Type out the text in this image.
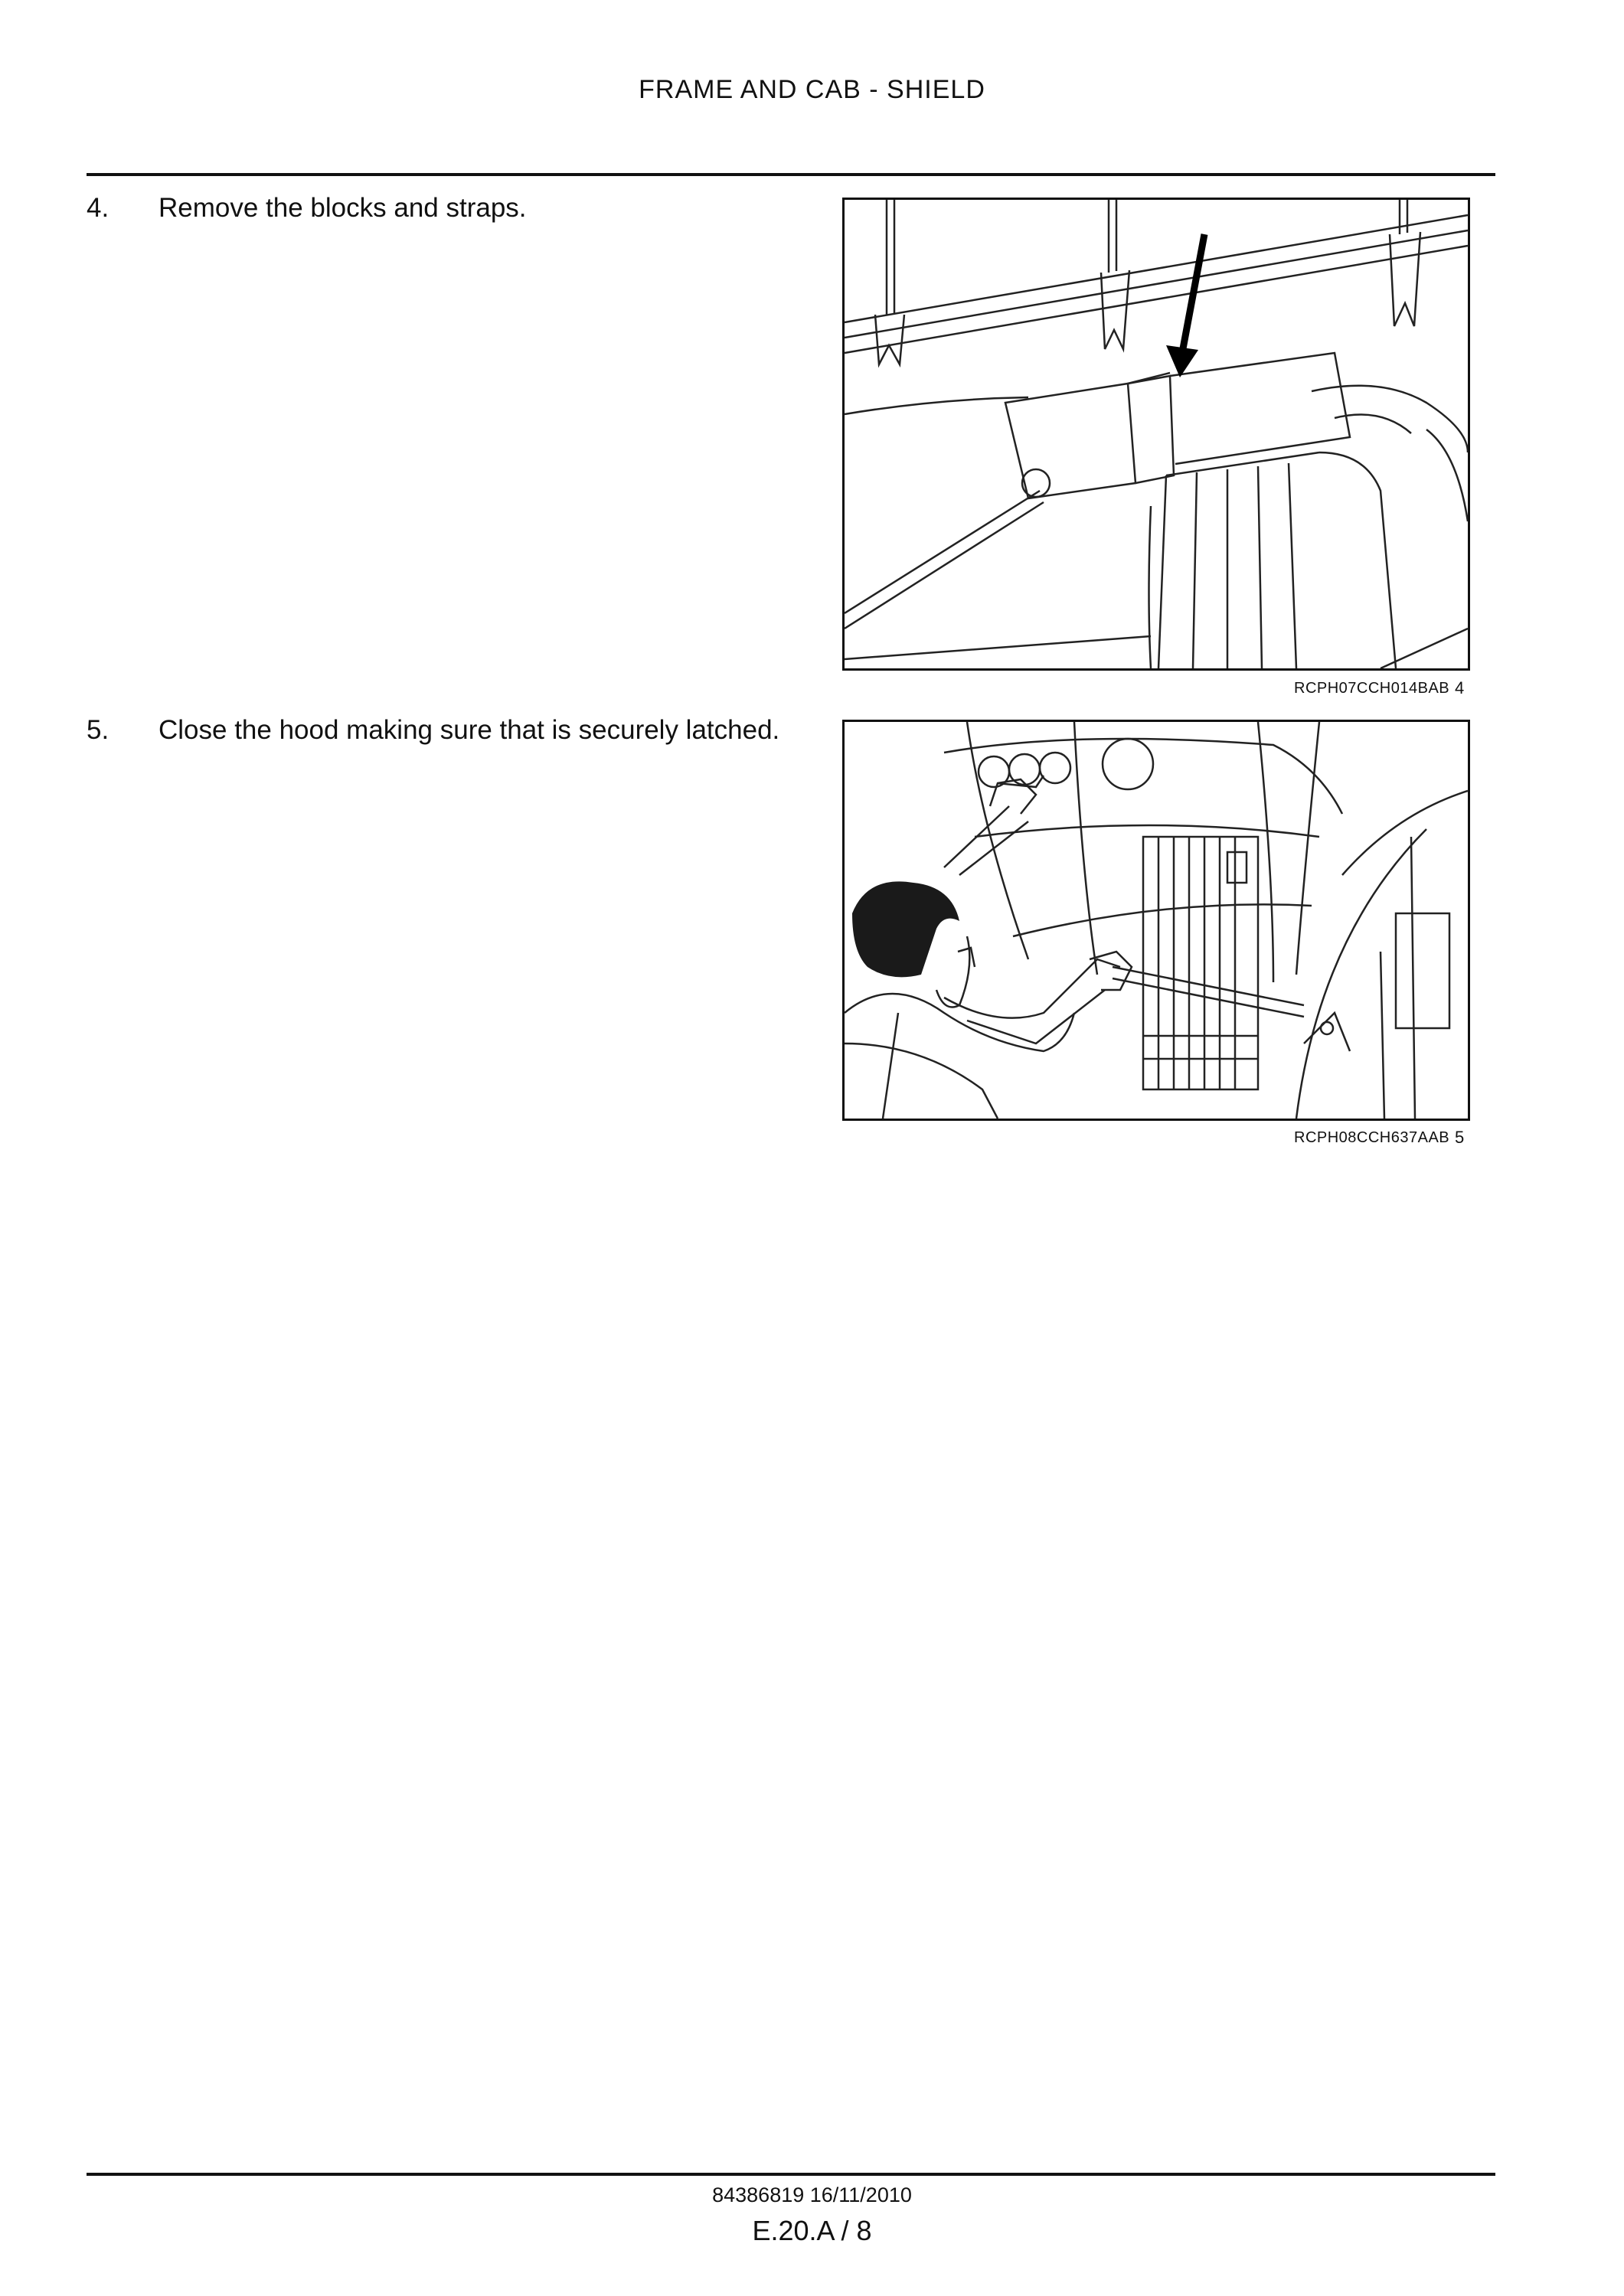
FRAME AND CAB - SHIELD
4. Remove the blocks and straps.
RCPH07CCH014BAB 4
5. Close the hood making sure that is securely latched.
RCPH08CCH637AAB 5
84386819 16/11/2010
E.20.A / 8
